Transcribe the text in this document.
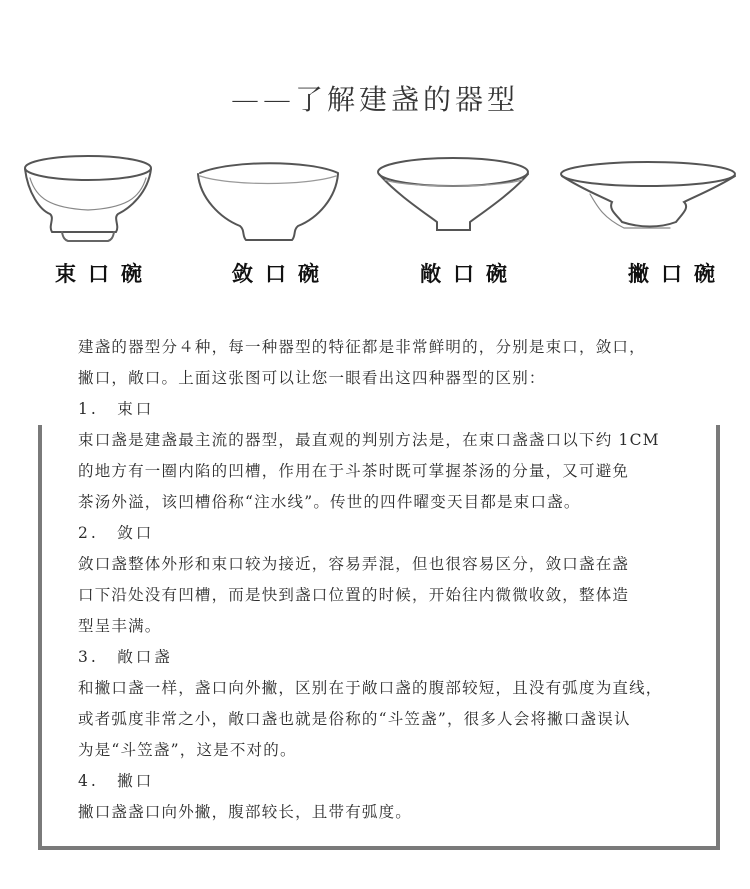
——了解建盏的器型
束口碗	敛口碗	敞口碗	撇口碗
建盏的器型分４种，每一种器型的特征都是非常鲜明的，分别是束口，敛口，
撇口，敞口。上面这张图可以让您一眼看出这四种器型的区别：

1.　束口

束口盏是建盏最主流的器型，最直观的判别方法是，在束口盏盏口以下约 1CM

的地方有一圈内陷的凹槽，作用在于斗茶时既可掌握茶汤的分量，又可避免

茶汤外溢，该凹槽俗称“注水线”。传世的四件曜变天目都是束口盏。

2.　敛口

敛口盏整体外形和束口较为接近，容易弄混，但也很容易区分，敛口盏在盏

口下沿处没有凹槽，而是快到盏口位置的时候，开始往内微微收敛，整体造

型呈丰满。

3.　敞口盏

和撇口盏一样，盏口向外撇，区别在于敞口盏的腹部较短，且没有弧度为直线，

或者弧度非常之小，敞口盏也就是俗称的“斗笠盏”，很多人会将撇口盏误认

为是“斗笠盏”，这是不对的。

4.　撇口

撇口盏盏口向外撇，腹部较长，且带有弧度。
